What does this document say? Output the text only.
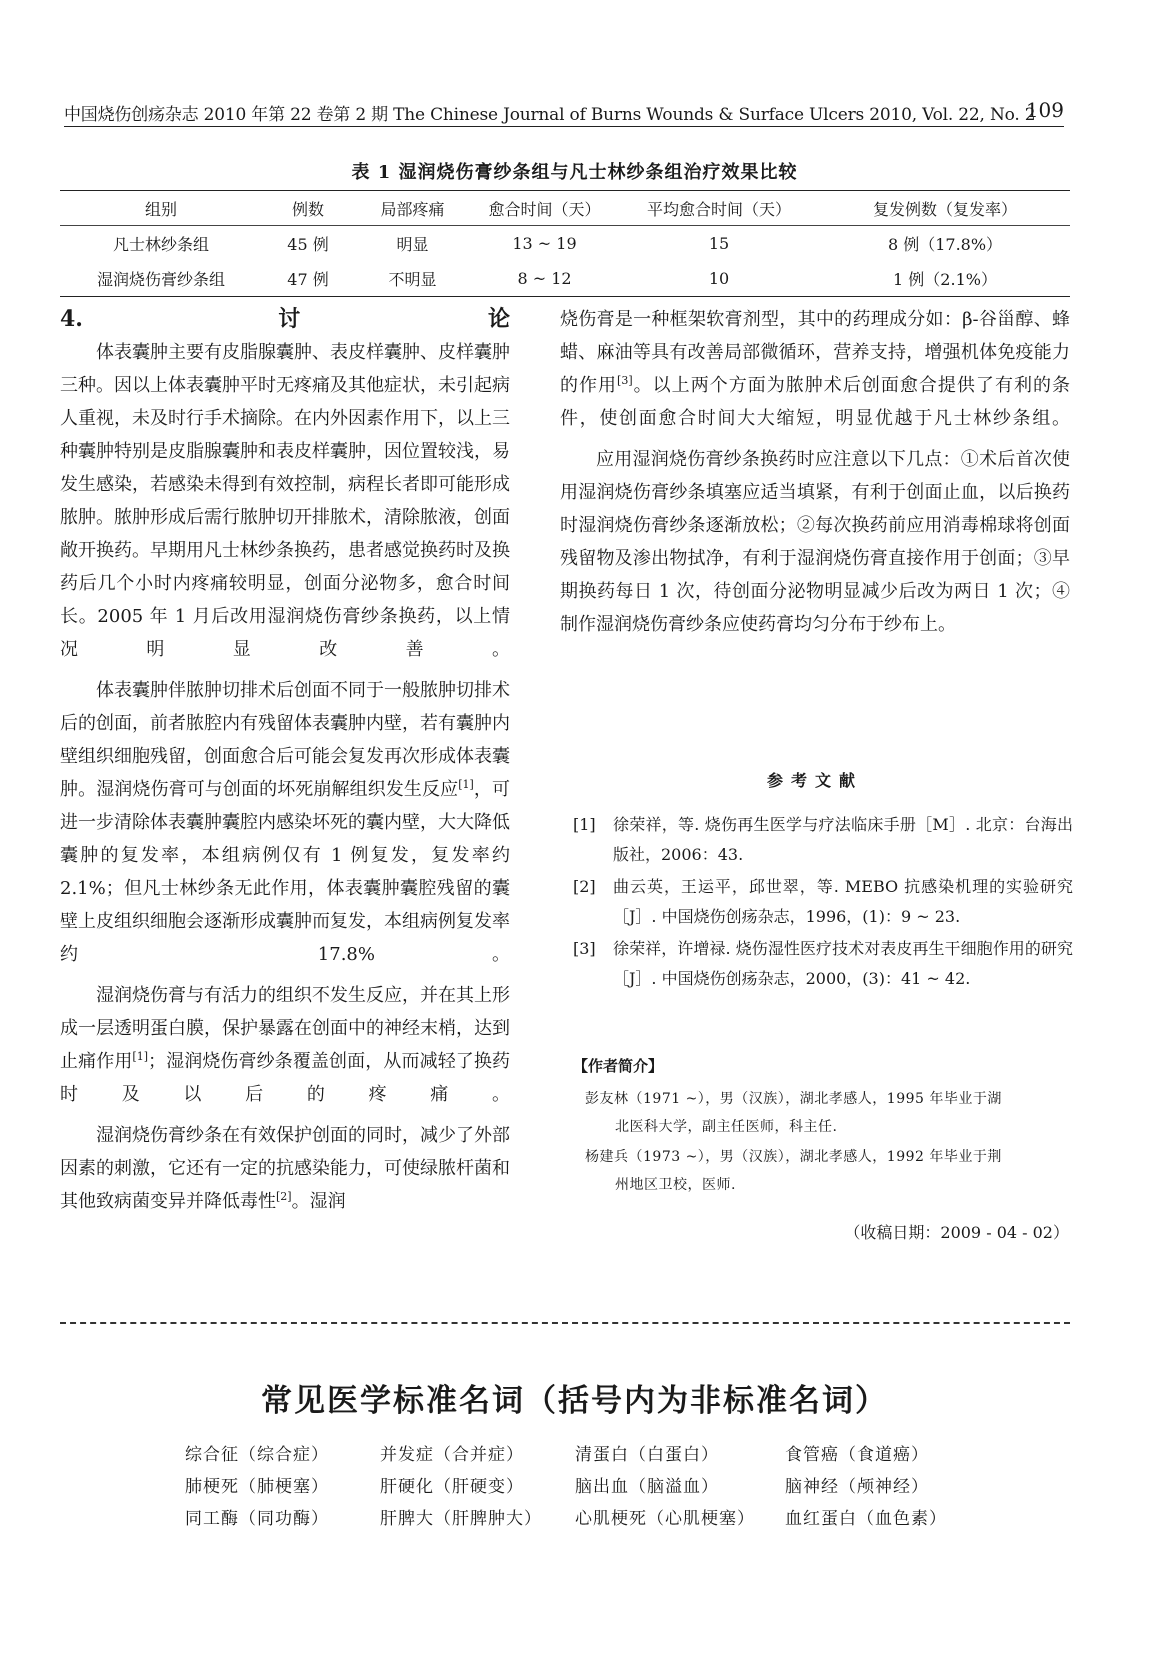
中国烧伤创疡杂志 2010 年第 22 卷第 2 期 The Chinese Journal of Burns Wounds & Surface Ulcers 2010, Vol. 22, No. 2
109
表 1 湿润烧伤膏纱条组与凡士林纱条组治疗效果比较
组别	例数	局部疼痛	愈合时间（天）	平均愈合时间（天）	复发例数（复发率）
凡士林纱条组	45 例	明显	13 ~ 19	15	8 例（17.8%）
湿润烧伤膏纱条组	47 例	不明显	8 ~ 12	10	1 例（2.1%）
4. 讨论

体表囊肿主要有皮脂腺囊肿、表皮样囊肿、皮样囊肿三种。因以上体表囊肿平时无疼痛及其他症状，未引起病人重视，未及时行手术摘除。在内外因素作用下，以上三种囊肿特别是皮脂腺囊肿和表皮样囊肿，因位置较浅，易发生感染，若感染未得到有效控制，病程长者即可能形成脓肿。脓肿形成后需行脓肿切开排脓术，清除脓液，创面敞开换药。早期用凡士林纱条换药，患者感觉换药时及换药后几个小时内疼痛较明显，创面分泌物多，愈合时间长。2005 年 1 月后改用湿润烧伤膏纱条换药，以上情况明显改善。

体表囊肿伴脓肿切排术后创面不同于一般脓肿切排术后的创面，前者脓腔内有残留体表囊肿内壁，若有囊肿内壁组织细胞残留，创面愈合后可能会复发再次形成体表囊肿。湿润烧伤膏可与创面的坏死崩解组织发生反应[1]，可进一步清除体表囊肿囊腔内感染坏死的囊内壁，大大降低囊肿的复发率，本组病例仅有 1 例复发，复发率约 2.1%；但凡士林纱条无此作用，体表囊肿囊腔残留的囊壁上皮组织细胞会逐渐形成囊肿而复发，本组病例复发率约 17.8%。

湿润烧伤膏与有活力的组织不发生反应，并在其上形成一层透明蛋白膜，保护暴露在创面中的神经末梢，达到止痛作用[1]；湿润烧伤膏纱条覆盖创面，从而减轻了换药时及以后的疼痛。

湿润烧伤膏纱条在有效保护创面的同时，减少了外部因素的刺激，它还有一定的抗感染能力，可使绿脓杆菌和其他致病菌变异并降低毒性[2]。湿润

烧伤膏是一种框架软膏剂型，其中的药理成分如：β-谷甾醇、蜂蜡、麻油等具有改善局部微循环，营养支持，增强机体免疫能力的作用[3]。以上两个方面为脓肿术后创面愈合提供了有利的条件，使创面愈合时间大大缩短，明显优越于凡士林纱条组。

应用湿润烧伤膏纱条换药时应注意以下几点：①术后首次使用湿润烧伤膏纱条填塞应适当填紧，有利于创面止血，以后换药时湿润烧伤膏纱条逐渐放松；②每次换药前应用消毒棉球将创面残留物及渗出物拭净，有利于湿润烧伤膏直接作用于创面；③早期换药每日 1 次，待创面分泌物明显减少后改为两日 1 次；④制作湿润烧伤膏纱条应使药膏均匀分布于纱布上。

参考文献
[1] 徐荣祥，等. 烧伤再生医学与疗法临床手册［M］. 北京：台海出版社，2006：43.
[2] 曲云英，王运平，邱世翠，等. MEBO 抗感染机理的实验研究［J］. 中国烧伤创疡杂志，1996，(1)：9 ~ 23.
[3] 徐荣祥，许增禄. 烧伤湿性医疗技术对表皮再生干细胞作用的研究［J］. 中国烧伤创疡杂志，2000，(3)：41 ~ 42.
【作者简介】
彭友林（1971 ~），男（汉族），湖北孝感人，1995 年毕业于湖
北医科大学，副主任医师，科主任.
杨建兵（1973 ~），男（汉族），湖北孝感人，1992 年毕业于荆
州地区卫校，医师.
（收稿日期：2009 - 04 - 02）
常见医学标准名词（括号内为非标准名词）
综合征（综合症）	并发症（合并症）	清蛋白（白蛋白）	食管癌（食道癌）
肺梗死（肺梗塞）	肝硬化（肝硬变）	脑出血（脑溢血）	脑神经（颅神经）
同工酶（同功酶）	肝脾大（肝脾肿大）	心肌梗死（心肌梗塞）	血红蛋白（血色素）
